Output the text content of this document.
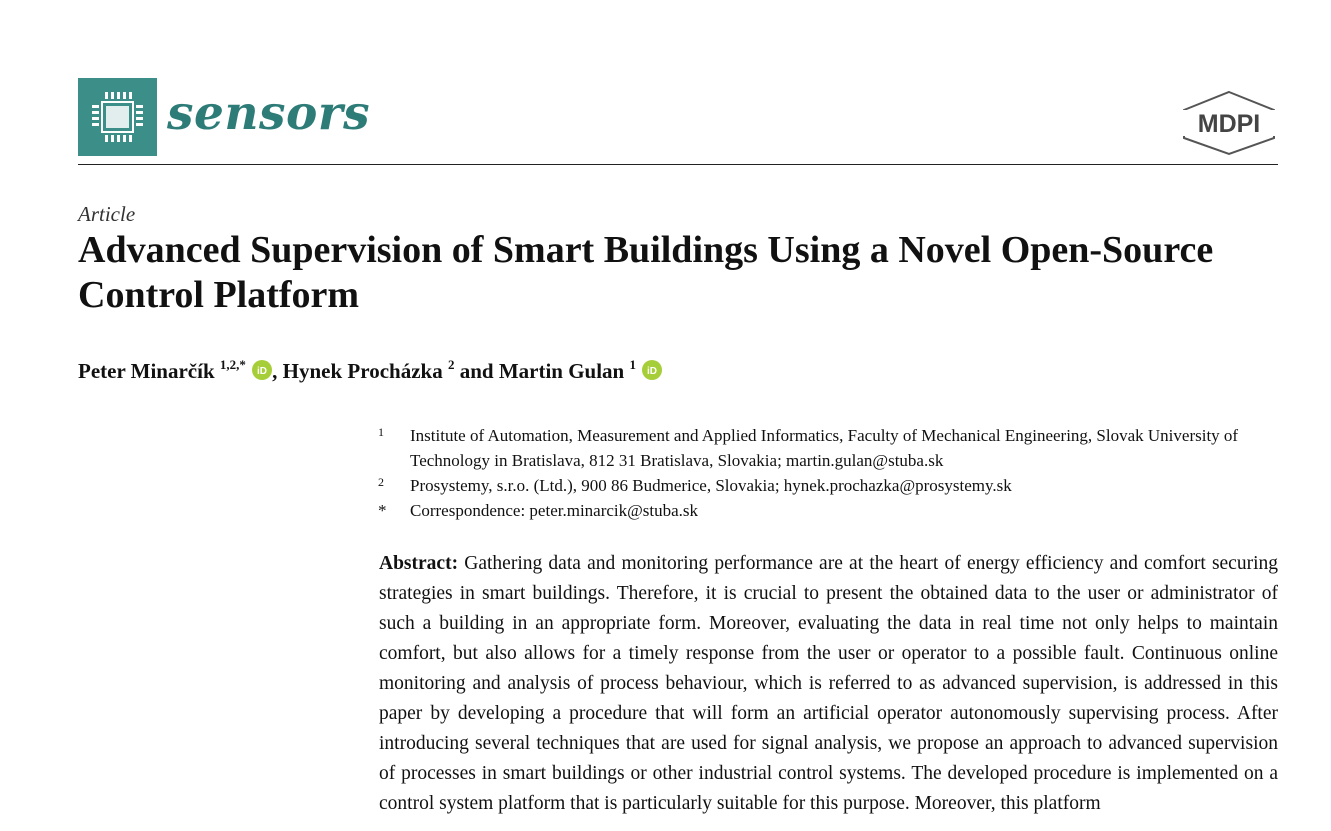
sensors	MDPI
Article
Advanced Supervision of Smart Buildings Using a Novel Open-Source Control Platform
Peter Minarčík $^{1,2,*}$ iD , Hynek Procházka $^2$ and Martin Gulan $^1$ iD
1 Institute of Automation, Measurement and Applied Informatics, Faculty of Mechanical Engineering, Slovak University of Technology in Bratislava, 812 31 Bratislava, Slovakia; martin.gulan@stuba.sk
2 Prosystemy, s.r.o. (Ltd.), 900 86 Budmerice, Slovakia; hynek.prochazka@prosystemy.sk
* Correspondence: peter.minarcik@stuba.sk

Abstract: Gathering data and monitoring performance are at the heart of energy efficiency and comfort securing strategies in smart buildings. Therefore, it is crucial to present the obtained data to the user or administrator of such a building in an appropriate form. Moreover, evaluating the data in real time not only helps to maintain comfort, but also allows for a timely response from the user or operator to a possible fault. Continuous online monitoring and analysis of process behaviour, which is referred to as advanced supervision, is addressed in this paper by developing a procedure that will form an artificial operator autonomously supervising process. After introducing several techniques that are used for signal analysis, we propose an approach to advanced supervision of processes in smart buildings or other industrial control systems. The developed procedure is implemented on a control system platform that is particularly suitable for this purpose. Moreover, this platform
